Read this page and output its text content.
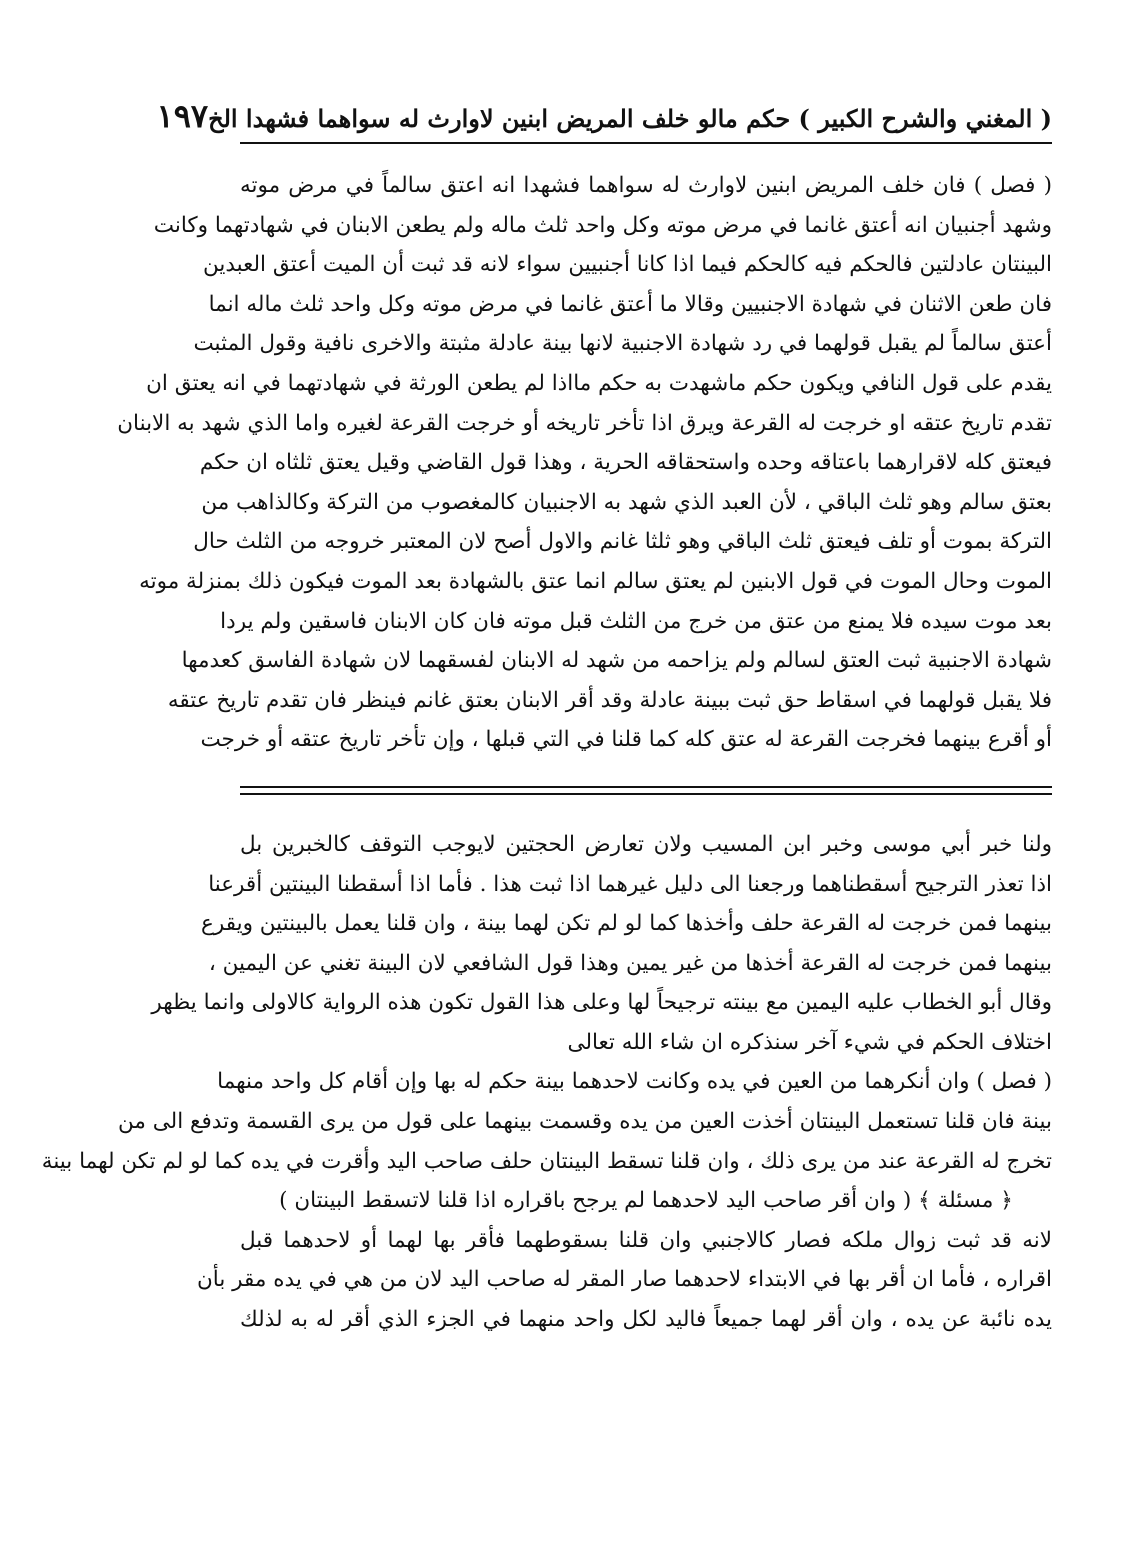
( المغني والشرح الكبير ) حكم مالو خلف المريض ابنين لاوارث له سواهما فشهدا الخ
١٩٧
( فصل ) فان خلف المريض ابنين لاوارث له سواهما فشهدا انه اعتق سالماً في مرض موته
وشهد أجنبيان انه أعتق غانما في مرض موته وكل واحد ثلث ماله ولم يطعن الابنان في شهادتهما وكانت
البينتان عادلتين فالحكم فيه كالحكم فيما اذا كانا أجنبيين سواء لانه قد ثبت أن الميت أعتق العبدين
فان طعن الاثنان في شهادة الاجنبيين وقالا ما أعتق غانما في مرض موته وكل واحد ثلث ماله انما
أعتق سالماً لم يقبل قولهما في رد شهادة الاجنبية لانها بينة عادلة مثبتة والاخرى نافية وقول المثبت
يقدم على قول النافي ويكون حكم ماشهدت به حكم مااذا لم يطعن الورثة في شهادتهما في انه يعتق ان
تقدم تاريخ عتقه او خرجت له القرعة ويرق اذا تأخر تاريخه أو خرجت القرعة لغيره واما الذي شهد به الابنان
فيعتق كله لاقرارهما باعتاقه وحده واستحقاقه الحرية ، وهذا قول القاضي وقيل يعتق ثلثاه ان حكم
بعتق سالم وهو ثلث الباقي ، لأن العبد الذي شهد به الاجنبيان كالمغصوب من التركة وكالذاهب من
التركة بموت أو تلف فيعتق ثلث الباقي وهو ثلثا غانم والاول أصح لان المعتبر خروجه من الثلث حال
الموت وحال الموت في قول الابنين لم يعتق سالم انما عتق بالشهادة بعد الموت فيكون ذلك بمنزلة موته
بعد موت سيده فلا يمنع من عتق من خرج من الثلث قبل موته فان كان الابنان فاسقين ولم يردا
شهادة الاجنبية ثبت العتق لسالم ولم يزاحمه من شهد له الابنان لفسقهما لان شهادة الفاسق كعدمها
فلا يقبل قولهما في اسقاط حق ثبت ببينة عادلة وقد أقر الابنان بعتق غانم فينظر فان تقدم تاريخ عتقه
أو أقرع بينهما فخرجت القرعة له عتق كله كما قلنا في التي قبلها ، وإن تأخر تاريخ عتقه أو خرجت
ولنا خبر أبي موسى وخبر ابن المسيب ولان تعارض الحجتين لايوجب التوقف كالخبرين بل
اذا تعذر الترجيح أسقطناهما ورجعنا الى دليل غيرهما اذا ثبت هذا . فأما اذا أسقطنا البينتين أقرعنا
بينهما فمن خرجت له القرعة حلف وأخذها كما لو لم تكن لهما بينة ، وان قلنا يعمل بالبينتين ويقرع
بينهما فمن خرجت له القرعة أخذها من غير يمين وهذا قول الشافعي لان البينة تغني عن اليمين ،
وقال أبو الخطاب عليه اليمين مع بينته ترجيحاً لها وعلى هذا القول تكون هذه الرواية كالاولى وانما يظهر
اختلاف الحكم في شيء آخر سنذكره ان شاء الله تعالى
( فصل ) وان أنكرهما من العين في يده وكانت لاحدهما بينة حكم له بها وإن أقام كل واحد منهما
بينة فان قلنا تستعمل البينتان أخذت العين من يده وقسمت بينهما على قول من يرى القسمة وتدفع الى من
تخرج له القرعة عند من يرى ذلك ، وان قلنا تسقط البينتان حلف صاحب اليد وأقرت في يده كما لو لم تكن لهما بينة
﴿ مسئلة ﴾ ( وان أقر صاحب اليد لاحدهما لم يرجح باقراره اذا قلنا لاتسقط البينتان )
لانه قد ثبت زوال ملكه فصار كالاجنبي وان قلنا بسقوطهما فأقر بها لهما أو لاحدهما قبل
اقراره ، فأما ان أقر بها في الابتداء لاحدهما صار المقر له صاحب اليد لان من هي في يده مقر بأن
يده نائبة عن يده ، وان أقر لهما جميعاً فاليد لكل واحد منهما في الجزء الذي أقر له به لذلك
